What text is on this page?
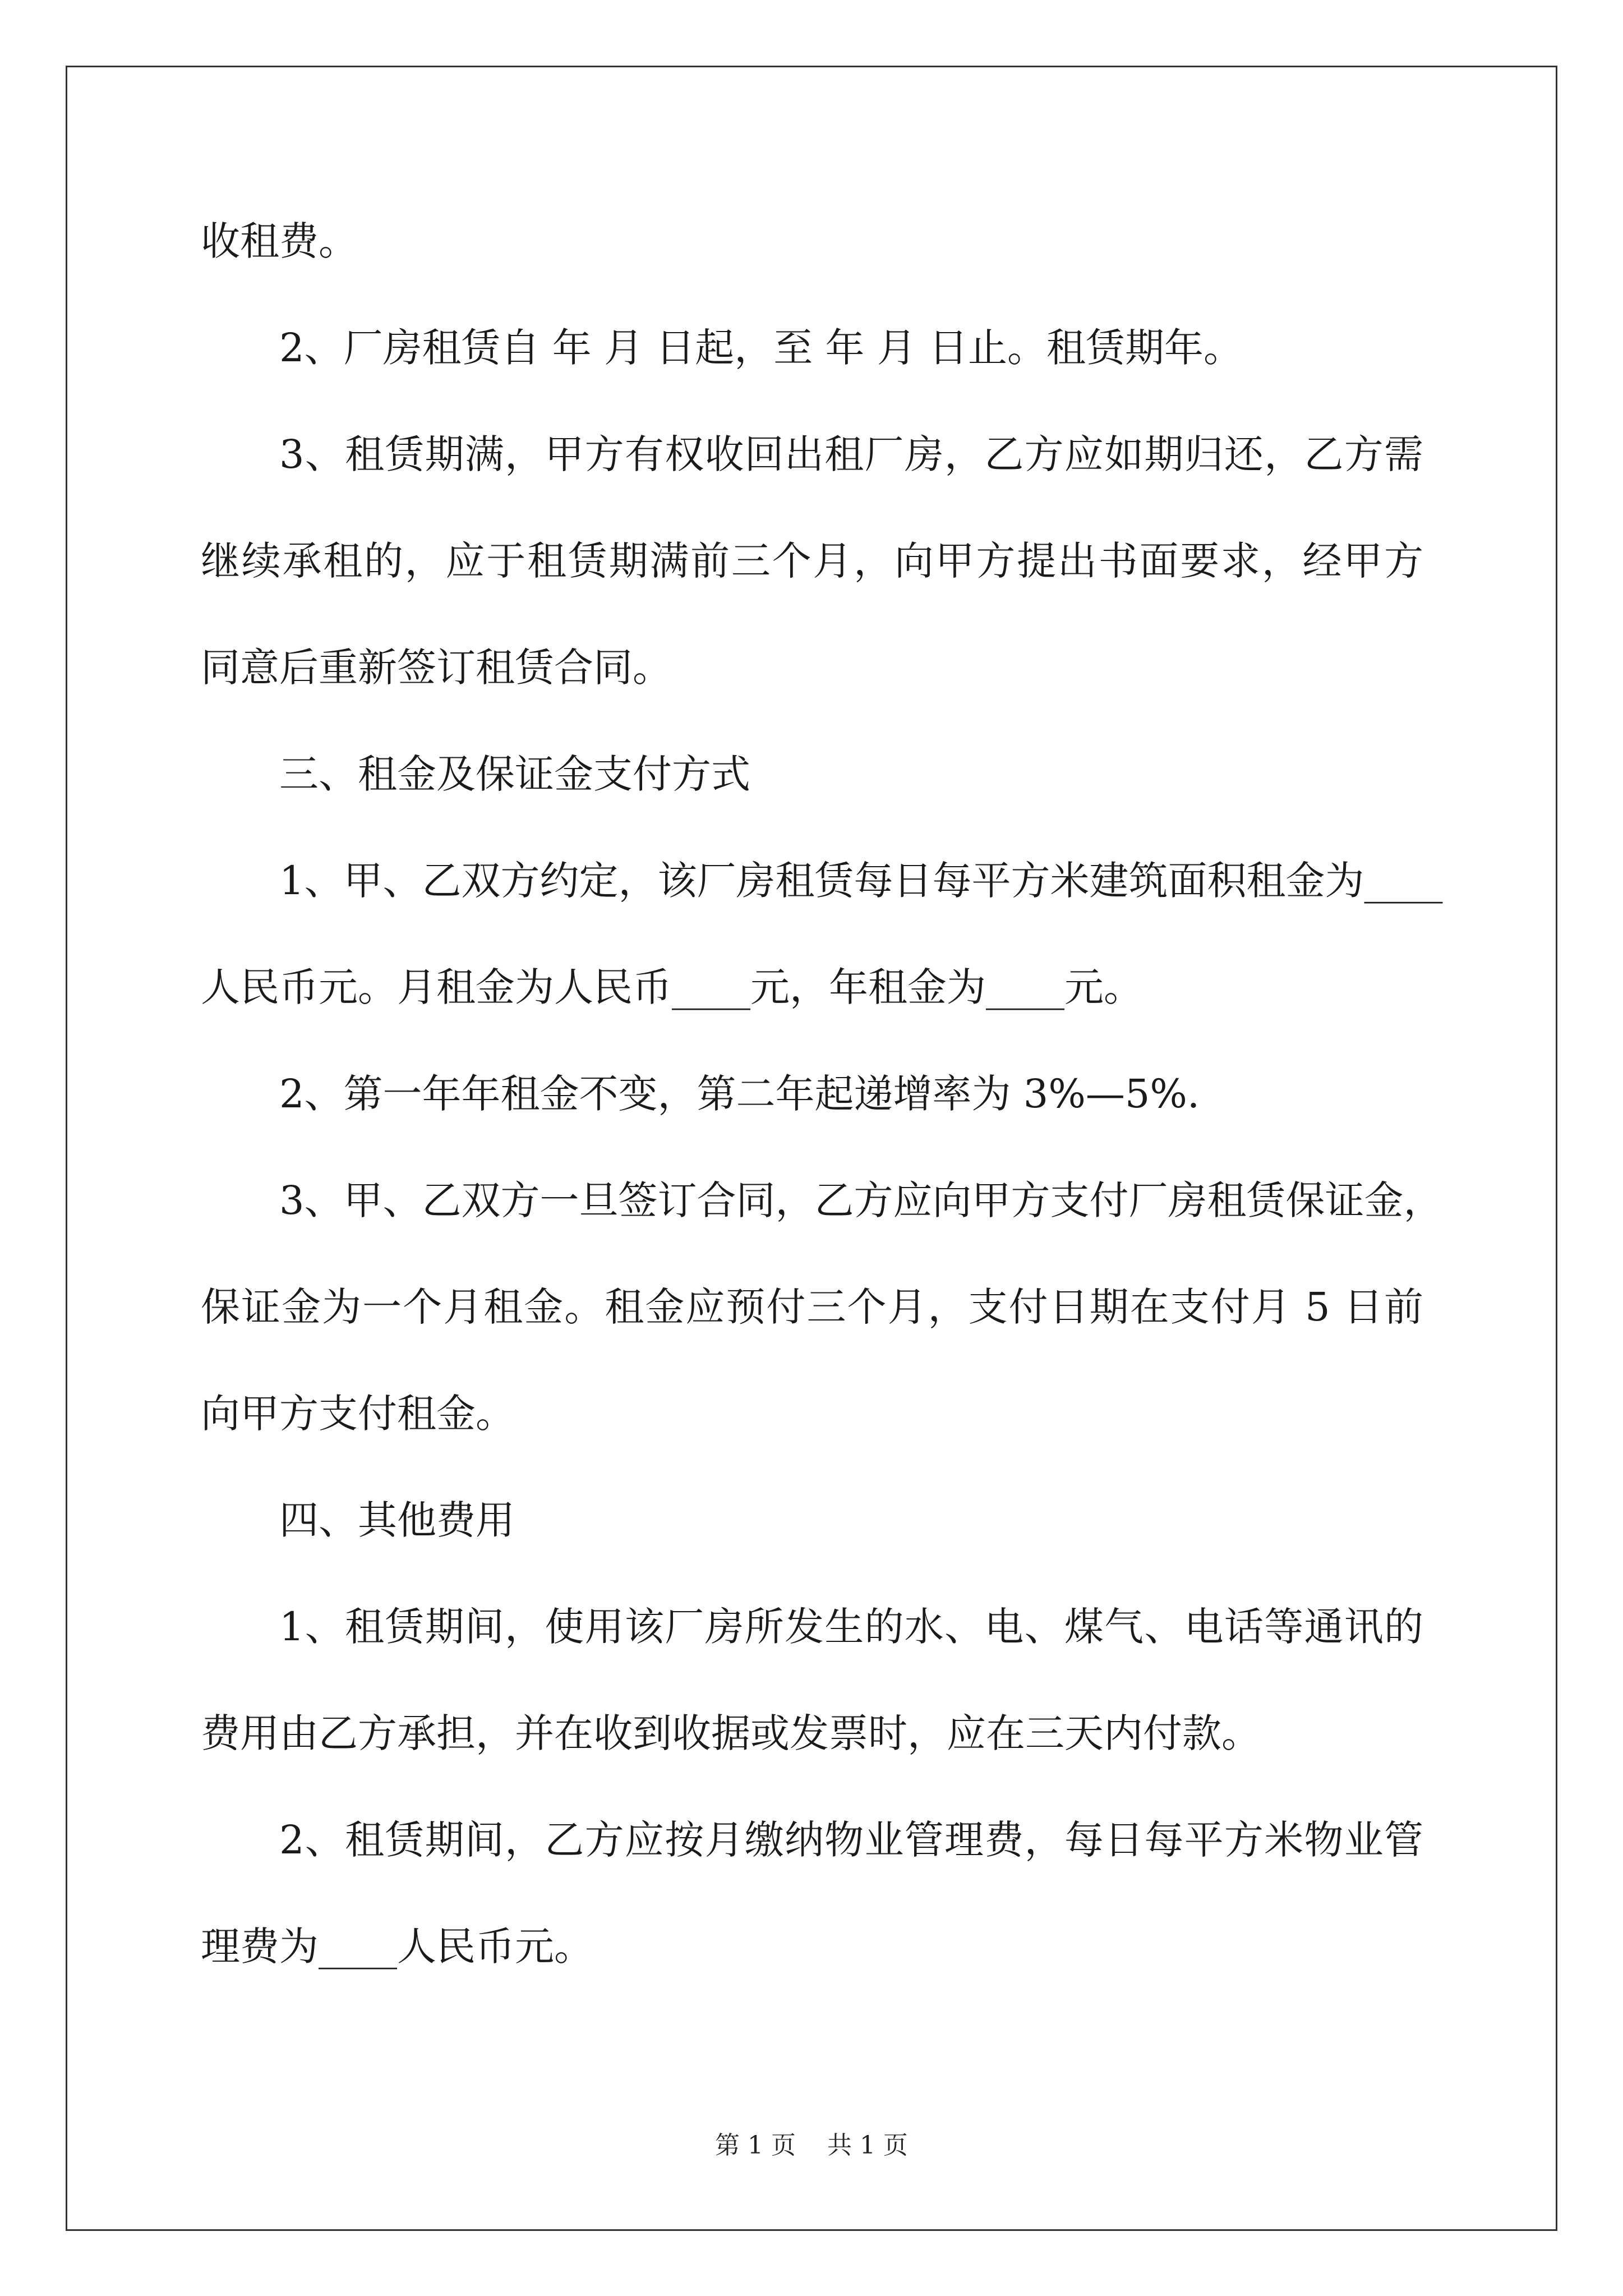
收租费。
2、厂房租赁自 年 月 日起，至 年 月 日止。租赁期年。
3、租赁期满，甲方有权收回出租厂房，乙方应如期归还，乙方需
继续承租的，应于租赁期满前三个月，向甲方提出书面要求，经甲方
同意后重新签订租赁合同。
三、租金及保证金支付方式
1、甲、乙双方约定，该厂房租赁每日每平方米建筑面积租金为____
人民币元。月租金为人民币____元，年租金为____元。
2、第一年年租金不变，第二年起递增率为 3%—5%.
3、甲、乙双方一旦签订合同，乙方应向甲方支付厂房租赁保证金，
保证金为一个月租金。租金应预付三个月，支付日期在支付月 5 日前
向甲方支付租金。
四、其他费用
1、租赁期间，使用该厂房所发生的水、电、煤气、电话等通讯的
费用由乙方承担，并在收到收据或发票时，应在三天内付款。
2、租赁期间，乙方应按月缴纳物业管理费，每日每平方米物业管
理费为____人民币元。
第 1 页    共 1 页
